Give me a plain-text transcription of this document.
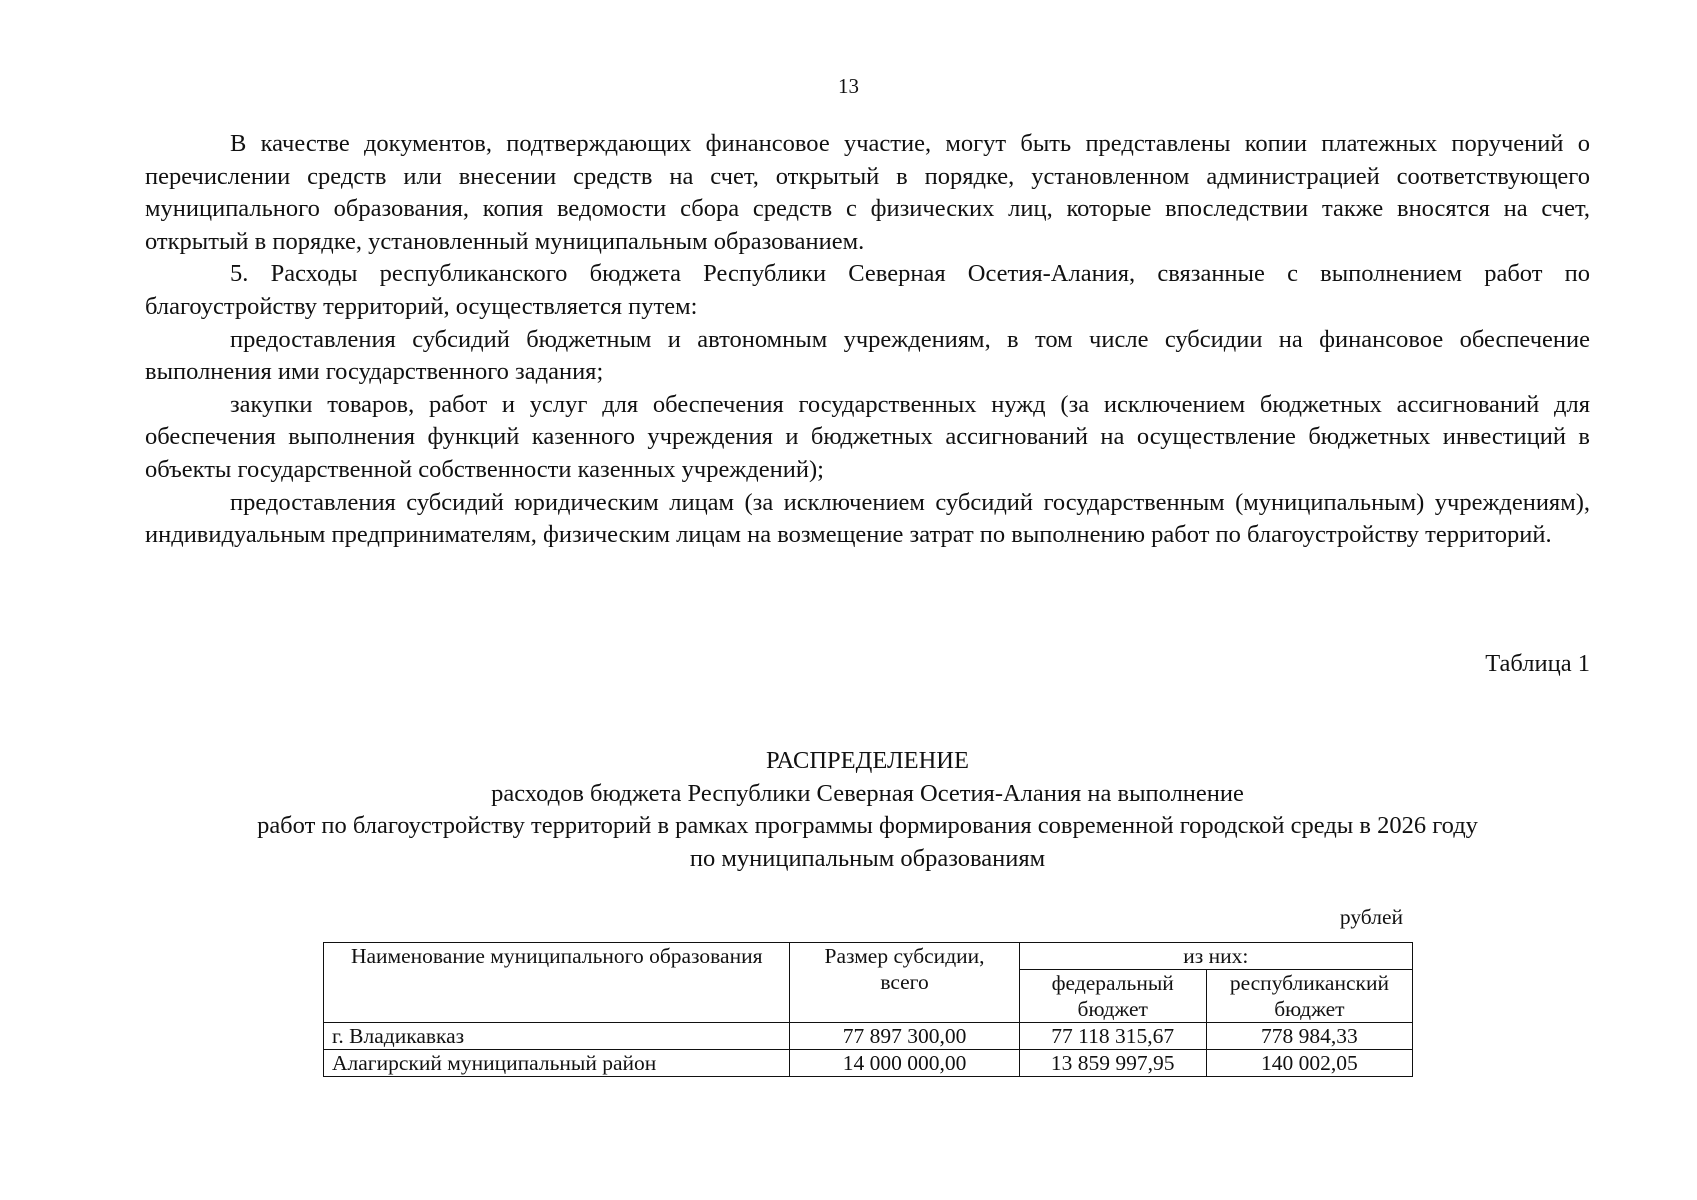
13

В качестве документов, подтверждающих финансовое участие, могут быть представлены копии платежных поручений о перечислении средств или внесении средств на счет, открытый в порядке, установленном администрацией соответствующего муниципального образования, копия ведомости сбора средств с физических лиц, которые впоследствии также вносятся на счет, открытый в порядке, установленный муниципальным образованием.

5. Расходы республиканского бюджета Республики Северная Осетия-Алания, связанные с выполнением работ по благоустройству территорий, осуществляется путем:

предоставления субсидий бюджетным и автономным учреждениям, в том числе субсидии на финансовое обеспечение выполнения ими государственного задания;

закупки товаров, работ и услуг для обеспечения государственных нужд (за исключением бюджетных ассигнований для обеспечения выполнения функций казенного учреждения и бюджетных ассигнований на осуществление бюджетных инвестиций в объекты государственной собственности казенных учреждений);

предоставления субсидий юридическим лицам (за исключением субсидий государственным (муниципальным) учреждениям), индивидуальным предпринимателям, физическим лицам на возмещение затрат по выполнению работ по благоустройству территорий.

Таблица 1
РАСПРЕДЕЛЕНИЕ
расходов бюджета Республики Северная Осетия-Алания на выполнение
работ по благоустройству территорий в рамках программы формирования современной городской среды в 2026 году
по муниципальным образованиям
рублей
Наименование муниципального образования	Размер субсидии, всего	из них:	
		федеральный бюджет	республиканский бюджет
г. Владикавказ	77 897 300,00	77 118 315,67	778 984,33
Алагирский муниципальный район	14 000 000,00	13 859 997,95	140 002,05
